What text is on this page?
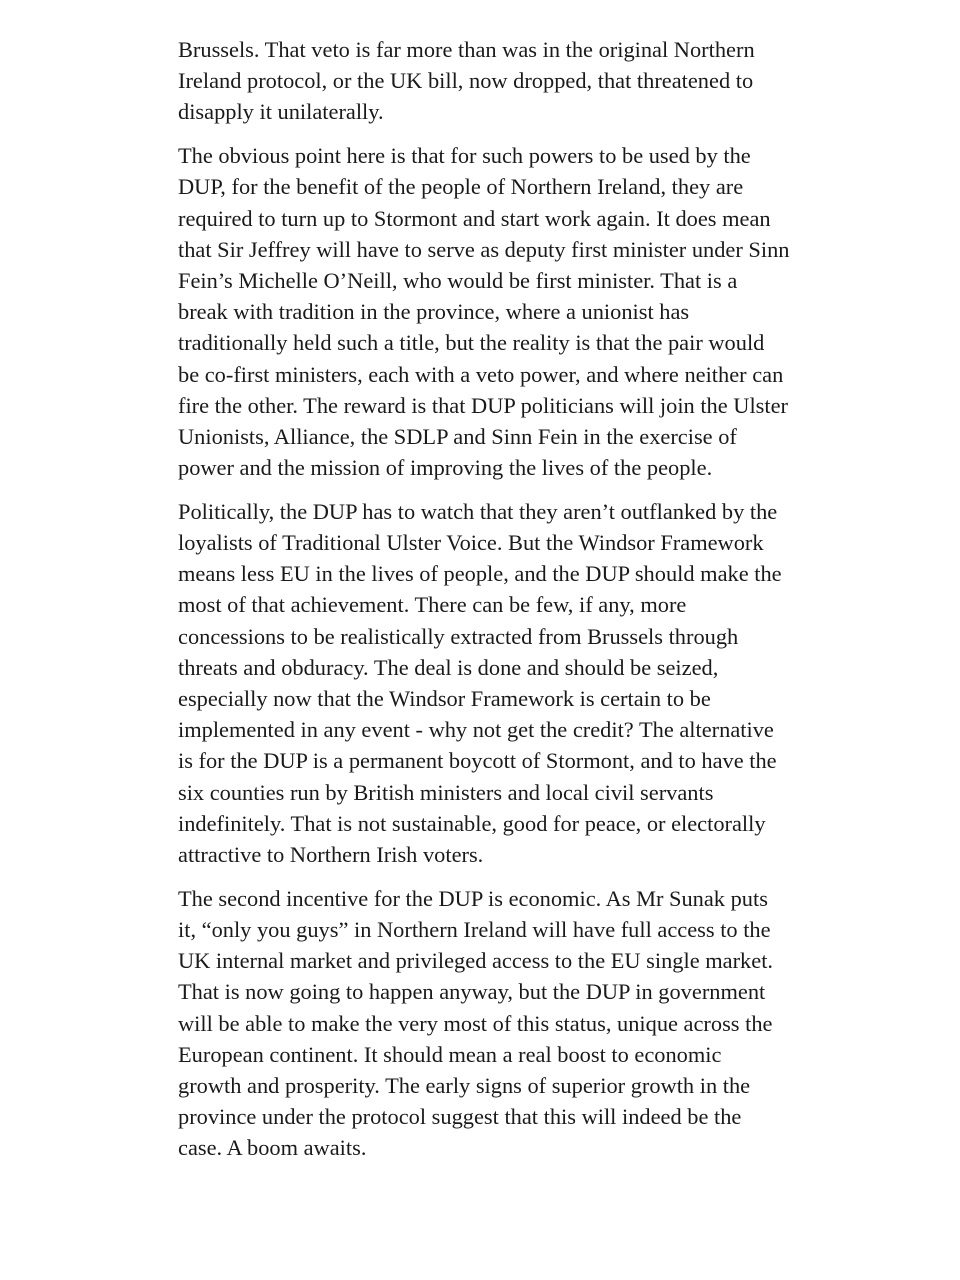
Brussels. That veto is far more than was in the original Northern Ireland protocol, or the UK bill, now dropped, that threatened to disapply it unilaterally.

The obvious point here is that for such powers to be used by the DUP, for the benefit of the people of Northern Ireland, they are required to turn up to Stormont and start work again. It does mean that Sir Jeffrey will have to serve as deputy first minister under Sinn Fein’s Michelle O’Neill, who would be first minister. That is a break with tradition in the province, where a unionist has traditionally held such a title, but the reality is that the pair would be co-first ministers, each with a veto power, and where neither can fire the other. The reward is that DUP politicians will join the Ulster Unionists, Alliance, the SDLP and Sinn Fein in the exercise of power and the mission of improving the lives of the people.

Politically, the DUP has to watch that they aren’t outflanked by the loyalists of Traditional Ulster Voice. But the Windsor Framework means less EU in the lives of people, and the DUP should make the most of that achievement. There can be few, if any, more concessions to be realistically extracted from Brussels through threats and obduracy. The deal is done and should be seized, especially now that the Windsor Framework is certain to be implemented in any event - why not get the credit? The alternative is for the DUP is a permanent boycott of Stormont, and to have the six counties run by British ministers and local civil servants indefinitely. That is not sustainable, good for peace, or electorally attractive to Northern Irish voters.

The second incentive for the DUP is economic. As Mr Sunak puts it, “only you guys” in Northern Ireland will have full access to the UK internal market and privileged access to the EU single market. That is now going to happen anyway, but the DUP in government will be able to make the very most of this status, unique across the European continent. It should mean a real boost to economic growth and prosperity. The early signs of superior growth in the province under the protocol suggest that this will indeed be the case. A boom awaits.
